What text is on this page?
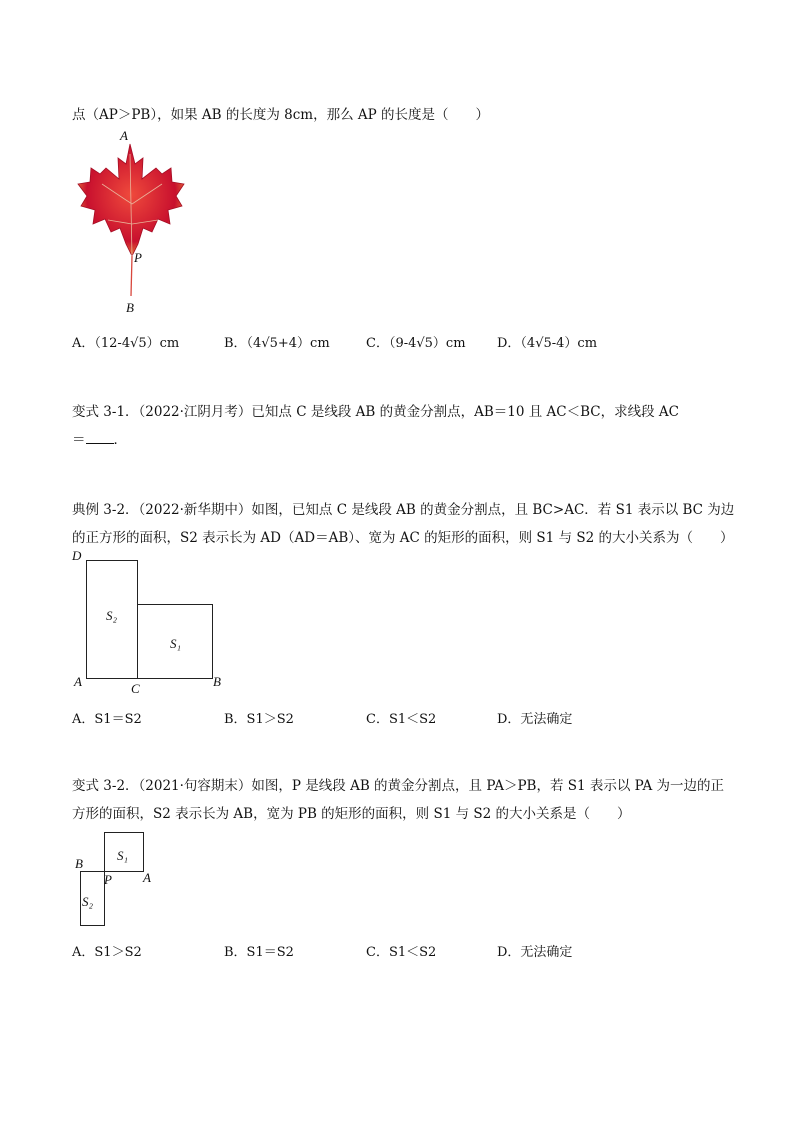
点（AP＞PB），如果 AB 的长度为 8cm，那么 AP 的长度是（　　）
A
P
B
A．（12-4√5）cm	B．（4√5+4）cm	C．（9-4√5）cm D．（4√5-4）cm
变式 3-1．（2022·江阴月考）已知点 C 是线段 AB 的黄金分割点，AB＝10 且 AC＜BC，求线段 AC
＝ ．
典例 3-2．（2022·新华期中）如图，已知点 C 是线段 AB 的黄金分割点，且 BC>AC．若 S1 表示以 BC 为边
的正方形的面积，S2 表示长为 AD（AD＝AB）、宽为 AC 的矩形的面积，则 S1 与 S2 的大小关系为（　　）
D
S₂
S₁
A	C	B
A．S1＝S2	B．S1＞S2	C．S1＜S2	D．无法确定
变式 3-2．（2021·句容期末）如图，P 是线段 AB 的黄金分割点，且 PA＞PB，若 S1 表示以 PA 为一边的正
方形的面积，S2 表示长为 AB，宽为 PB 的矩形的面积，则 S1 与 S2 的大小关系是（　　）
S₁
B
P A
S₂
A．S1＞S2	B．S1＝S2	C．S1＜S2	D．无法确定
